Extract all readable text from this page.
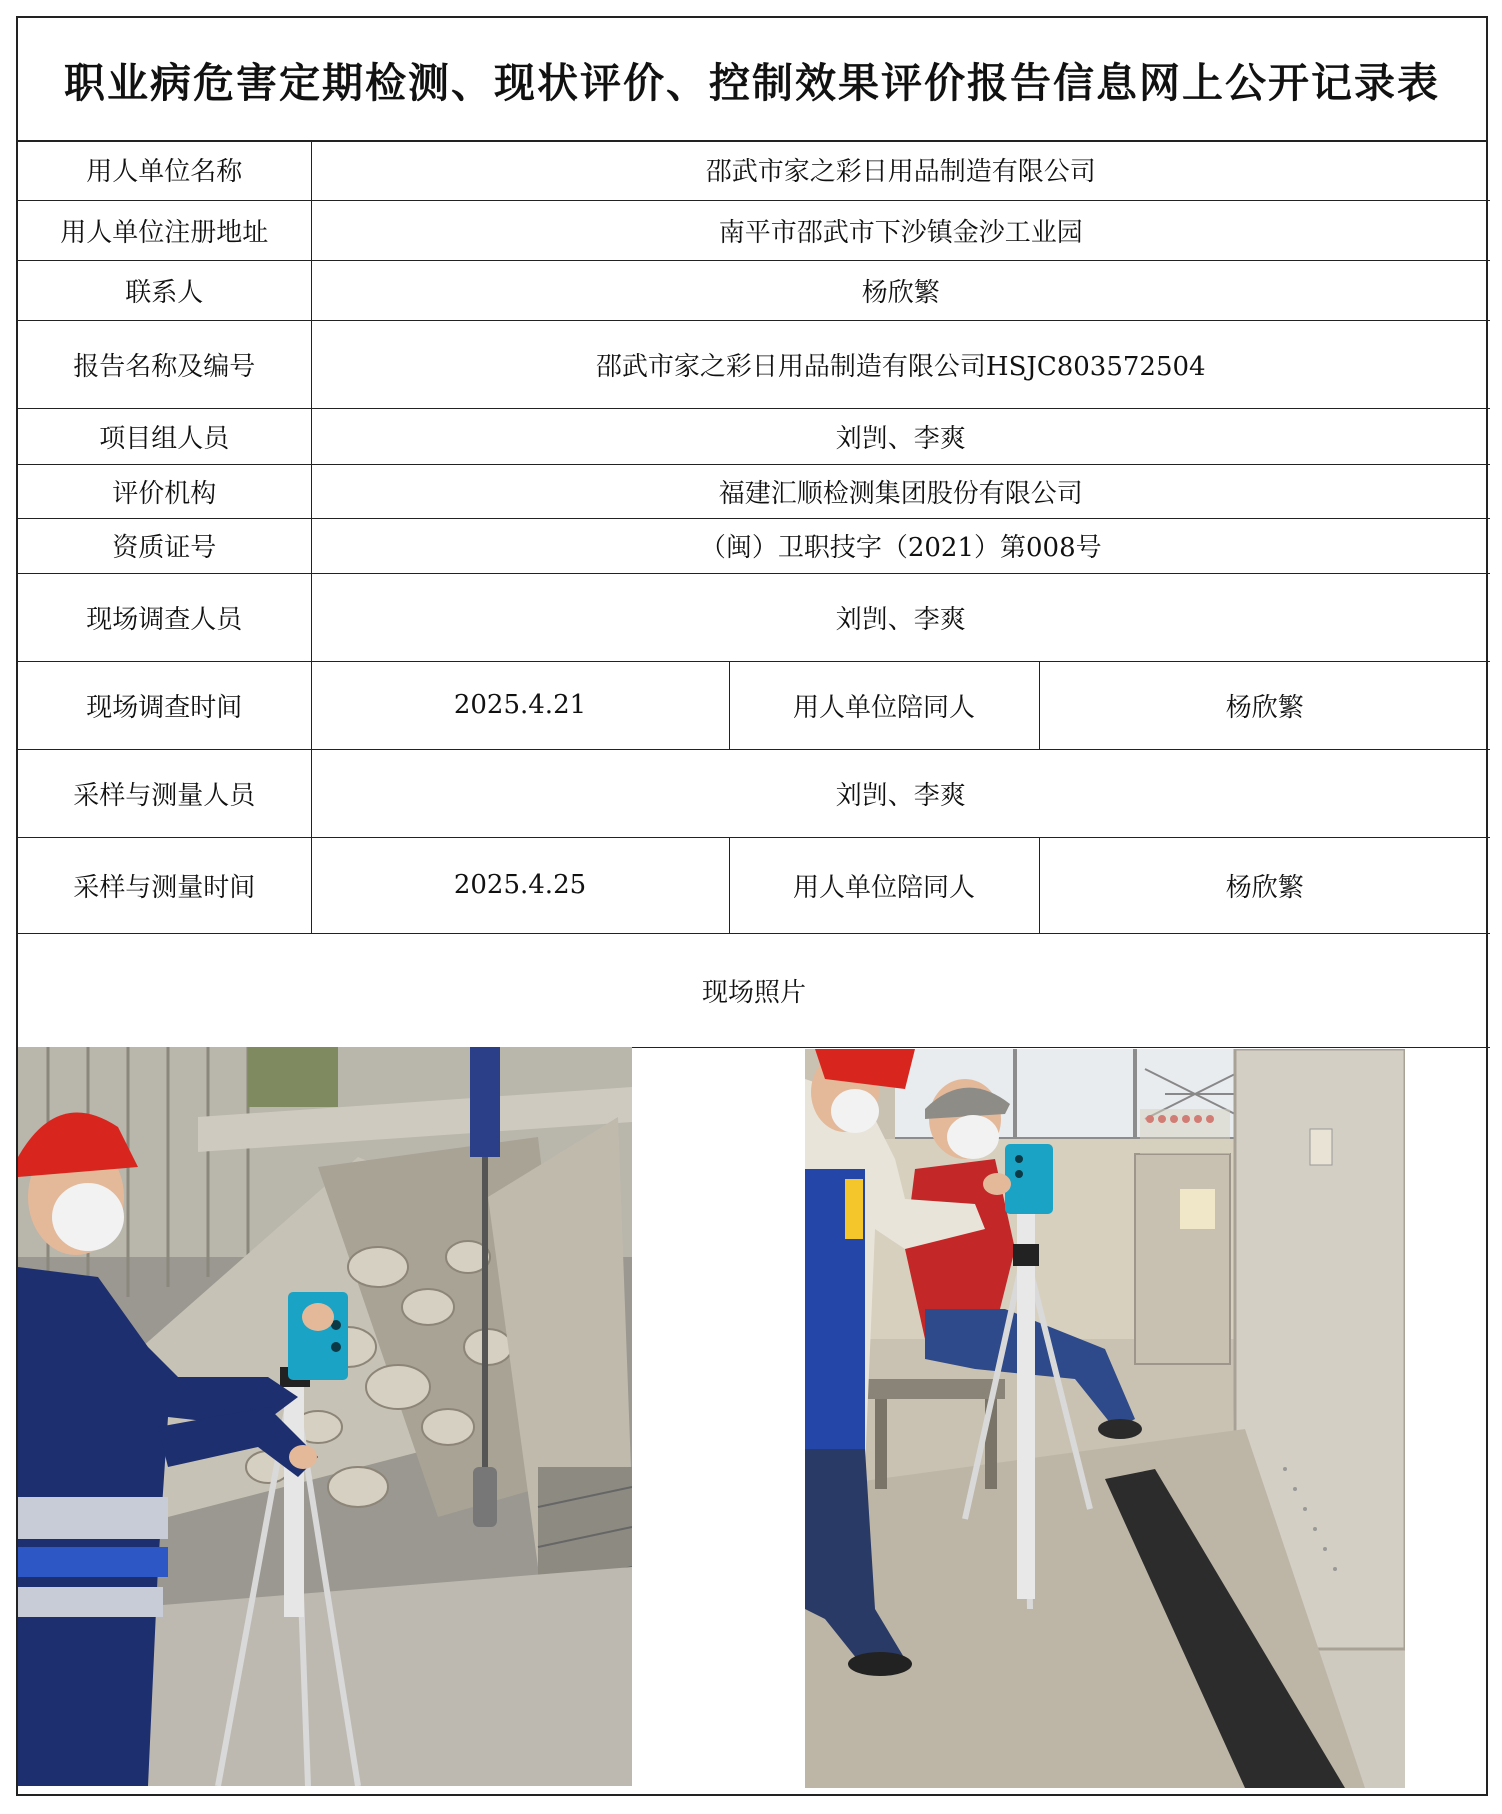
职业病危害定期检测、现状评价、控制效果评价报告信息网上公开记录表
用人单位名称	邵武市家之彩日用品制造有限公司		
用人单位注册地址	南平市邵武市下沙镇金沙工业园		
联系人	杨欣繁		
报告名称及编号	邵武市家之彩日用品制造有限公司HSJC803572504		
项目组人员	刘剀、李爽		
评价机构	福建汇顺检测集团股份有限公司		
资质证号	（闽）卫职技字（2021）第008号		
现场调查人员	刘剀、李爽		
现场调查时间	2025.4.21	用人单位陪同人	杨欣繁
采样与测量人员	刘剀、李爽		
采样与测量时间	2025.4.25	用人单位陪同人	杨欣繁
现场照片			
